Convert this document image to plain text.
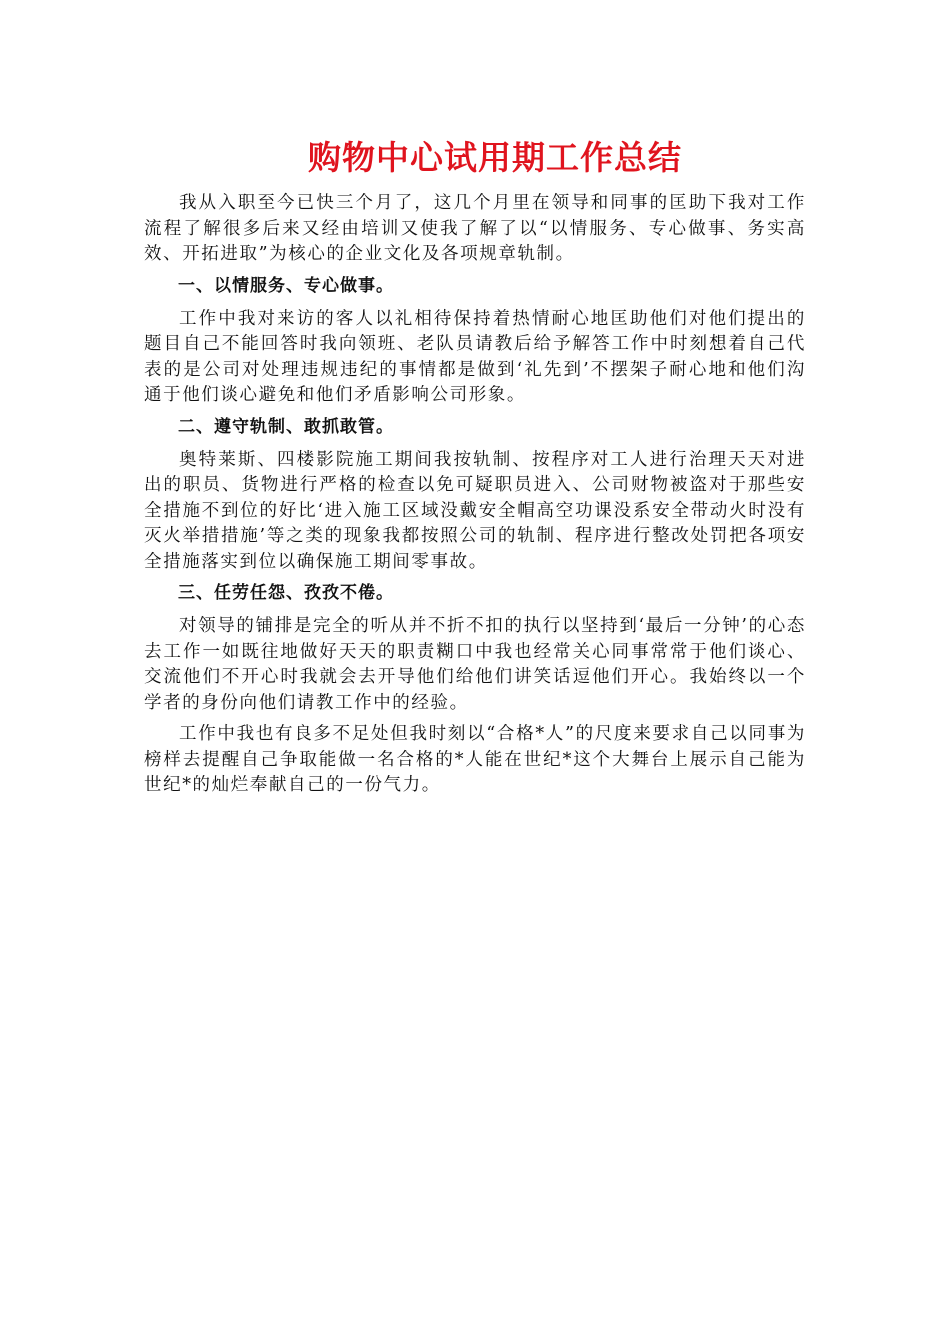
购物中心试用期工作总结

我从入职至今已快三个月了，这几个月里在领导和同事的匡助下我对工作流程了解很多后来又经由培训又使我了解了以“以情服务、专心做事、务实高效、开拓进取”为核心的企业文化及各项规章轨制。

一、以情服务、专心做事。

工作中我对来访的客人以礼相待保持着热情耐心地匡助他们对他们提出的题目自己不能回答时我向领班、老队员请教后给予解答工作中时刻想着自己代表的是公司对处理违规违纪的事情都是做到‘礼先到’不摆架子耐心地和他们沟通于他们谈心避免和他们矛盾影响公司形象。

二、遵守轨制、敢抓敢管。

奥特莱斯、四楼影院施工期间我按轨制、按程序对工人进行治理天天对进出的职员、货物进行严格的检查以免可疑职员进入、公司财物被盗对于那些安全措施不到位的好比‘进入施工区域没戴安全帽高空功课没系安全带动火时没有灭火举措措施’等之类的现象我都按照公司的轨制、程序进行整改处罚把各项安全措施落实到位以确保施工期间零事故。

三、任劳任怨、孜孜不倦。

对领导的铺排是完全的听从并不折不扣的执行以坚持到‘最后一分钟’的心态去工作一如既往地做好天天的职责糊口中我也经常关心同事常常于他们谈心、交流他们不开心时我就会去开导他们给他们讲笑话逗他们开心。我始终以一个学者的身份向他们请教工作中的经验。

工作中我也有良多不足处但我时刻以“合格*人”的尺度来要求自己以同事为榜样去提醒自己争取能做一名合格的*人能在世纪*这个大舞台上展示自己能为世纪*的灿烂奉献自己的一份气力。
